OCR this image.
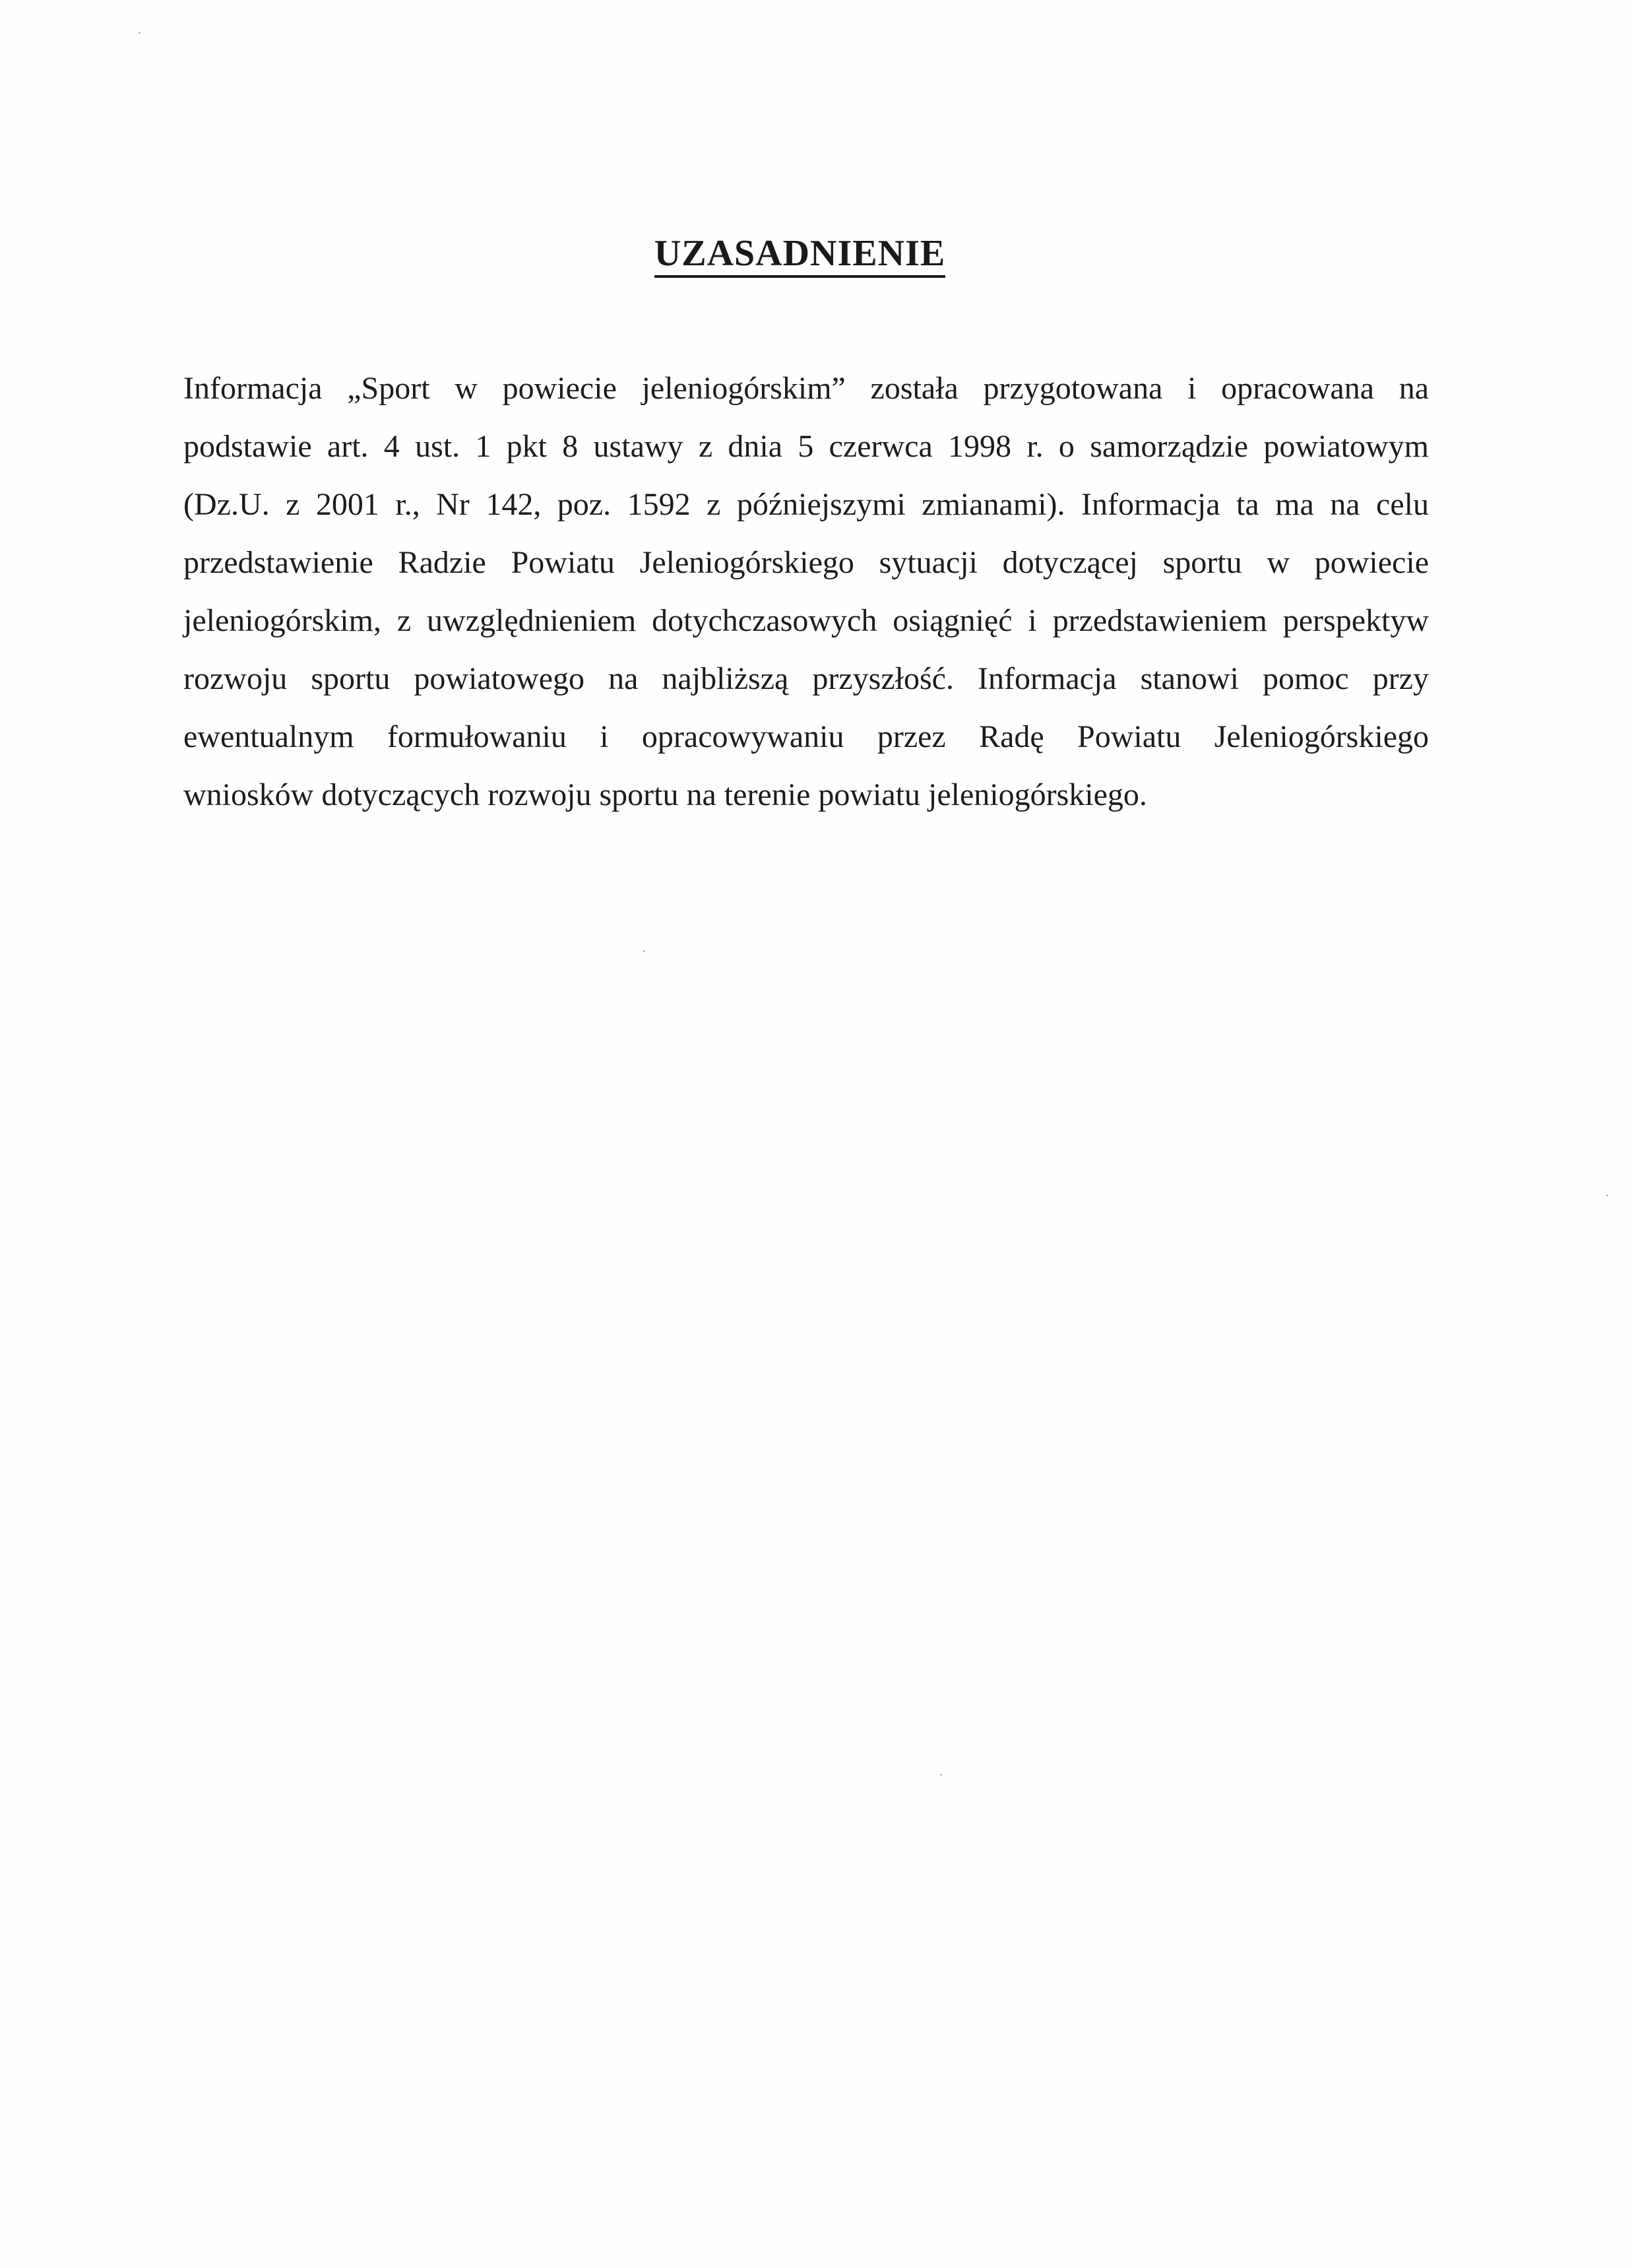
UZASADNIENIE
Informacja „Sport w powiecie jeleniogórskim” została przygotowana i opracowana na
podstawie art. 4 ust. 1 pkt 8 ustawy z dnia 5 czerwca 1998 r. o samorządzie powiatowym
(Dz.U. z 2001 r., Nr 142, poz. 1592 z późniejszymi zmianami). Informacja ta ma na celu
przedstawienie Radzie Powiatu Jeleniogórskiego sytuacji dotyczącej sportu w powiecie
jeleniogórskim, z uwzględnieniem dotychczasowych osiągnięć i przedstawieniem perspektyw
rozwoju sportu powiatowego na najbliższą przyszłość. Informacja stanowi pomoc przy
ewentualnym formułowaniu i opracowywaniu przez Radę Powiatu Jeleniogórskiego
wniosków dotyczących rozwoju sportu na terenie powiatu jeleniogórskiego.
